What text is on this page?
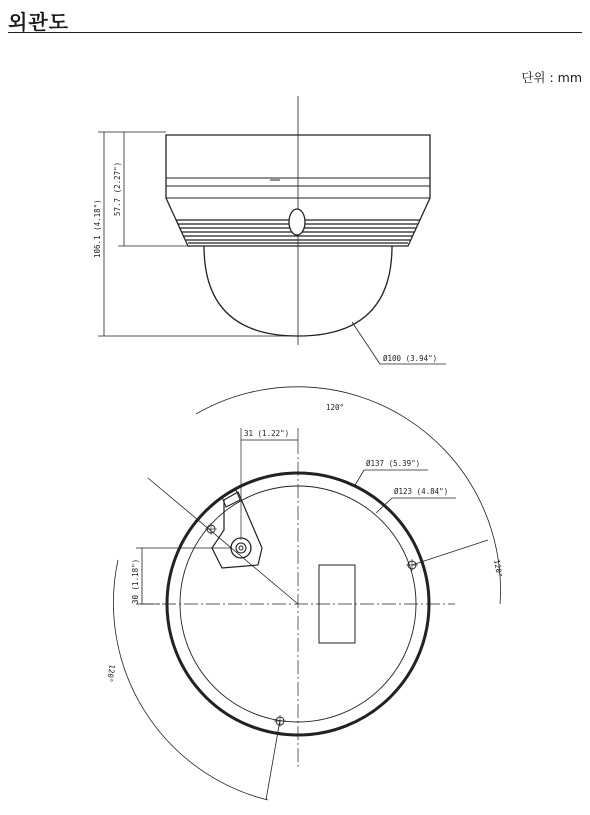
외관도
단위 : mm
106.1 (4.18")
57.7 (2.27")
Ø100 (3.94")
120°
120°
120°
31 (1.22")
30 (1.18")
Ø137 (5.39")
Ø123 (4.84")
